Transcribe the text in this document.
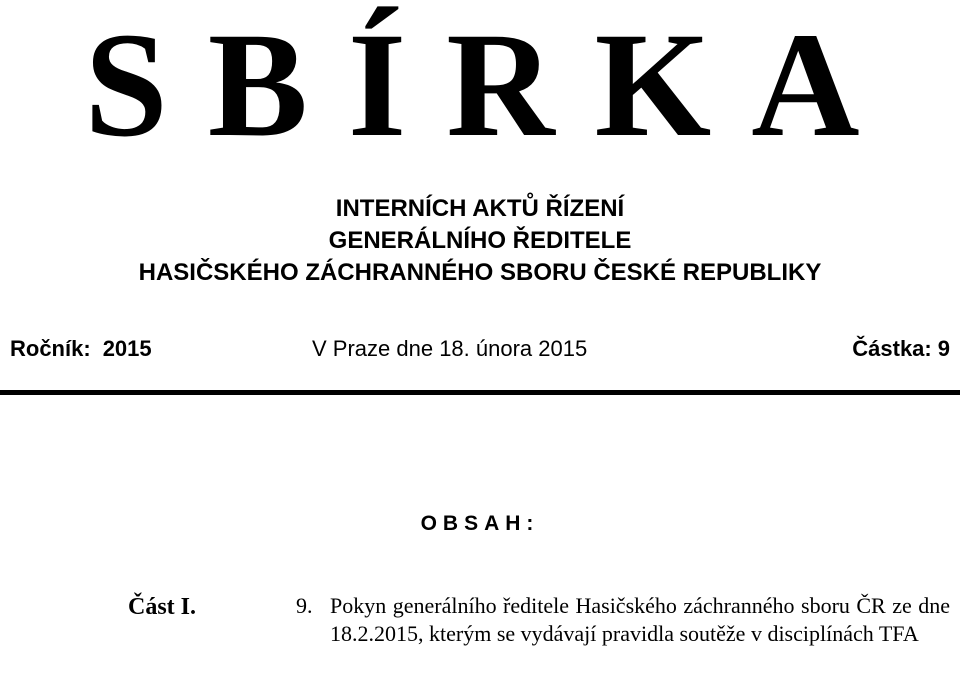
SBÍRKA
INTERNÍCH AKTŮ ŘÍZENÍ
GENERÁLNÍHO ŘEDITELE
HASIČSKÉHO ZÁCHRANNÉHO SBORU ČESKÉ REPUBLIKY
Ročník: 2015	V Praze dne 18. února 2015	Částka: 9
OBSAH:
Část I.	9. Pokyn generálního ředitele Hasičského záchranného sboru ČR ze dne 18.2.2015, kterým se vydávají pravidla soutěže v disciplínách TFA
